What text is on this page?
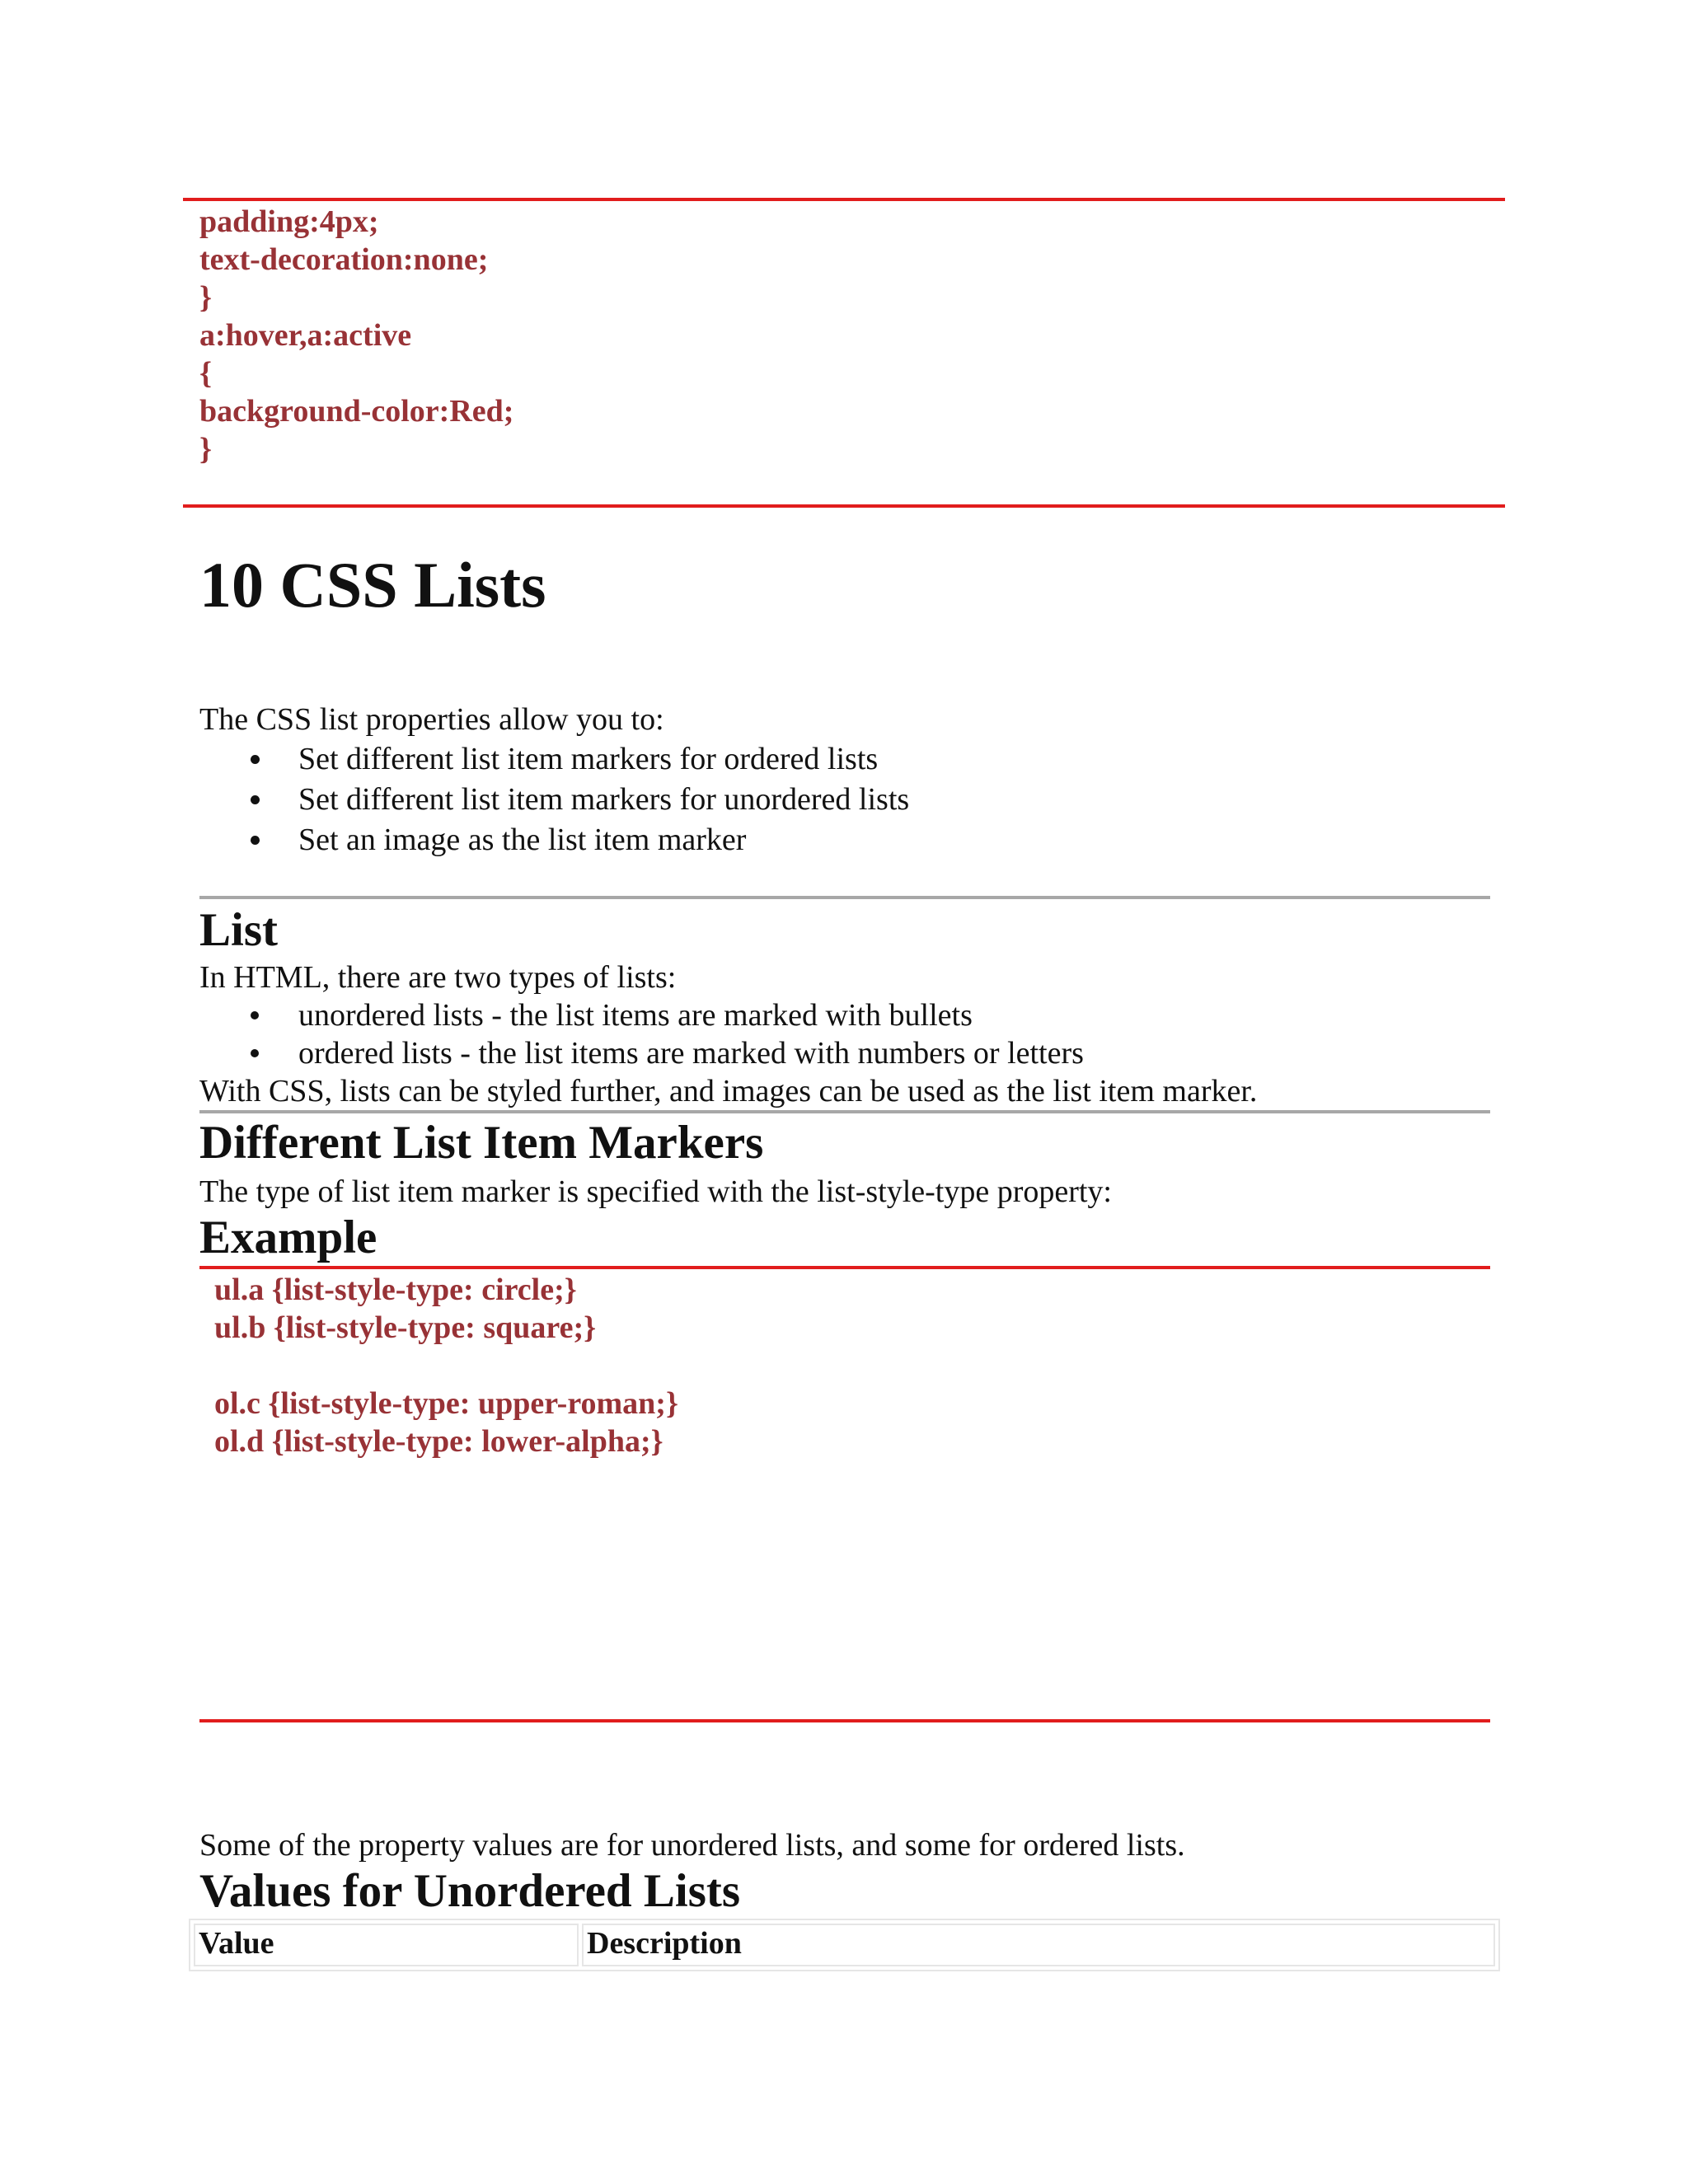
padding:4px;
text-decoration:none;
}
a:hover,a:active
{
background-color:Red;
}
10 CSS Lists

The CSS list properties allow you to:

Set different list item markers for ordered lists
Set different list item markers for unordered lists
Set an image as the list item marker
List

In HTML, there are two types of lists:

unordered lists - the list items are marked with bullets
ordered lists - the list items are marked with numbers or letters

With CSS, lists can be styled further, and images can be used as the list item marker.

Different List Item Markers

The type of list item marker is specified with the list-style-type property:

Example
ul.a {list-style-type: circle;}
ul.b {list-style-type: square;}
ol.c {list-style-type: upper-roman;}
ol.d {list-style-type: lower-alpha;}

Some of the property values are for unordered lists, and some for ordered lists.

Values for Unordered Lists
Value	Description
